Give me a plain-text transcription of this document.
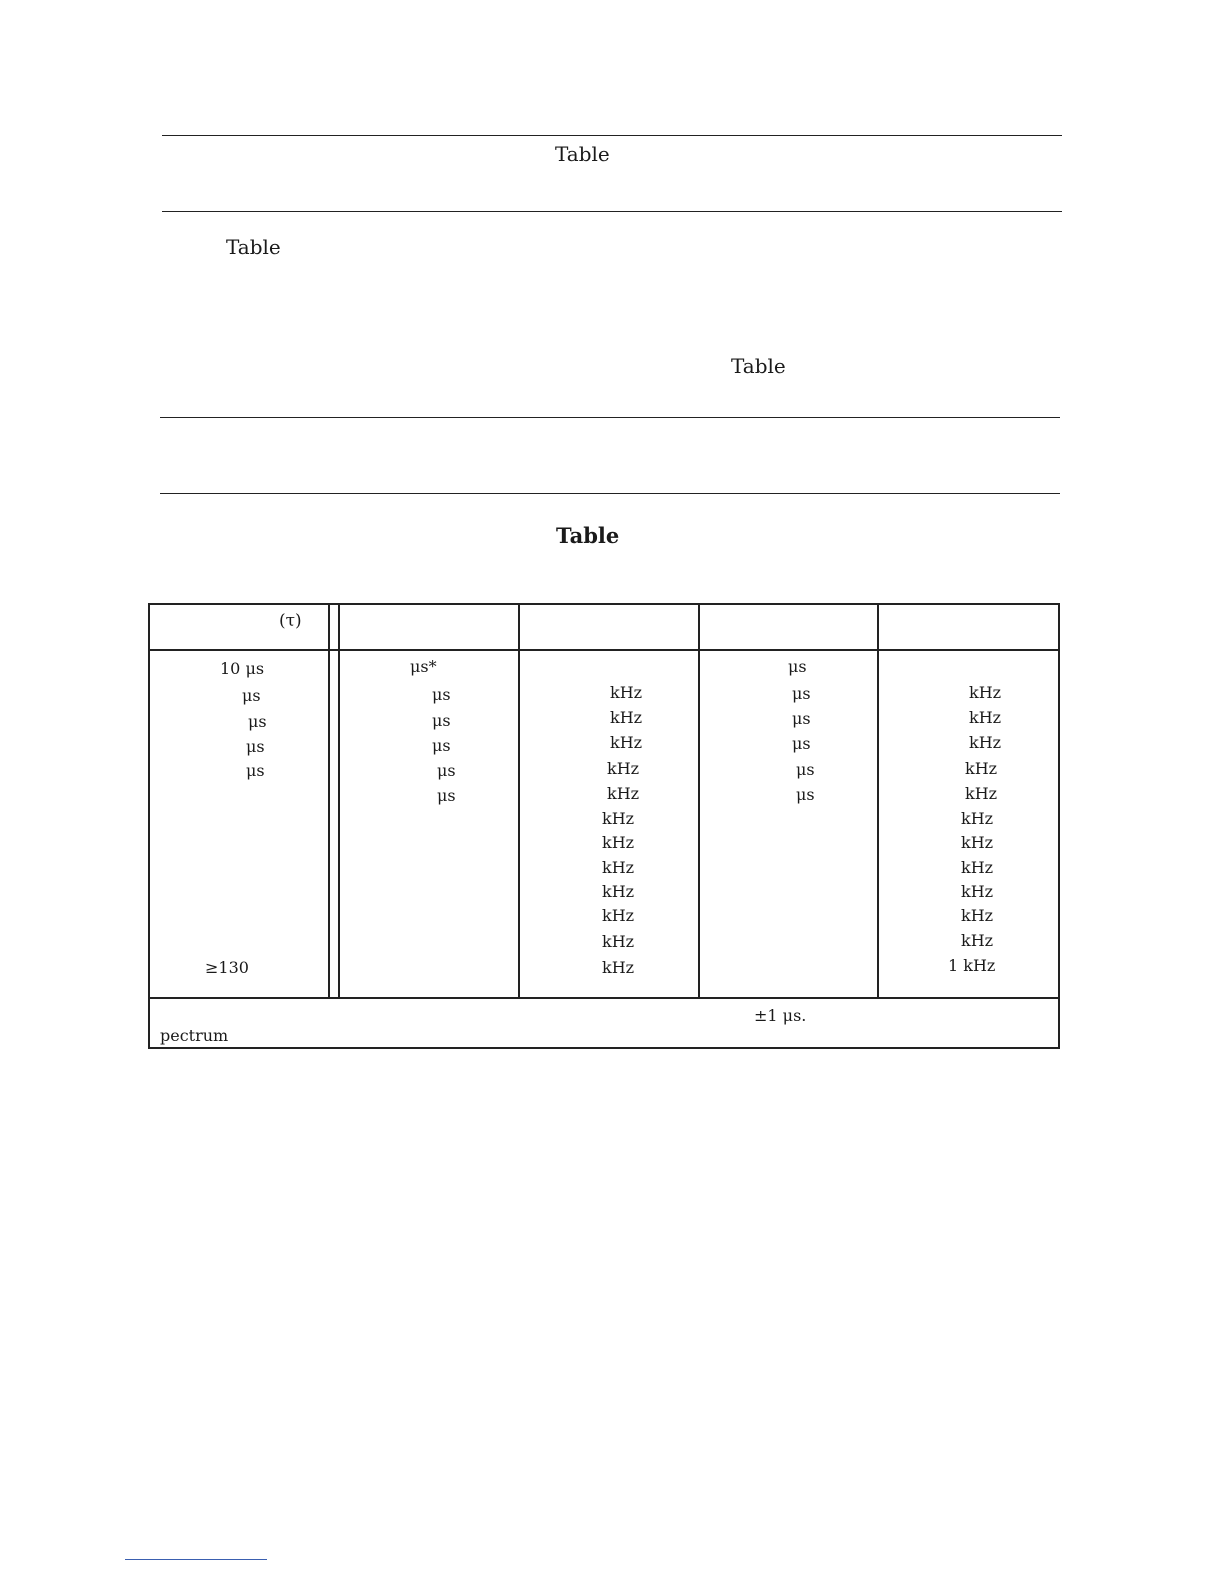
Table
Table
Table
Table
(τ)
10 μs
μs
μs
μs
μs
≥130
μs*
μs
μs
μs
μs
μs
kHz
kHz
kHz
kHz
kHz
kHz
kHz
kHz
kHz
kHz
kHz
kHz
μs
μs
μs
μs
μs
μs
kHz
kHz
kHz
kHz
kHz
kHz
kHz
kHz
kHz
kHz
kHz
1 kHz
±1 μs.
pectrum
